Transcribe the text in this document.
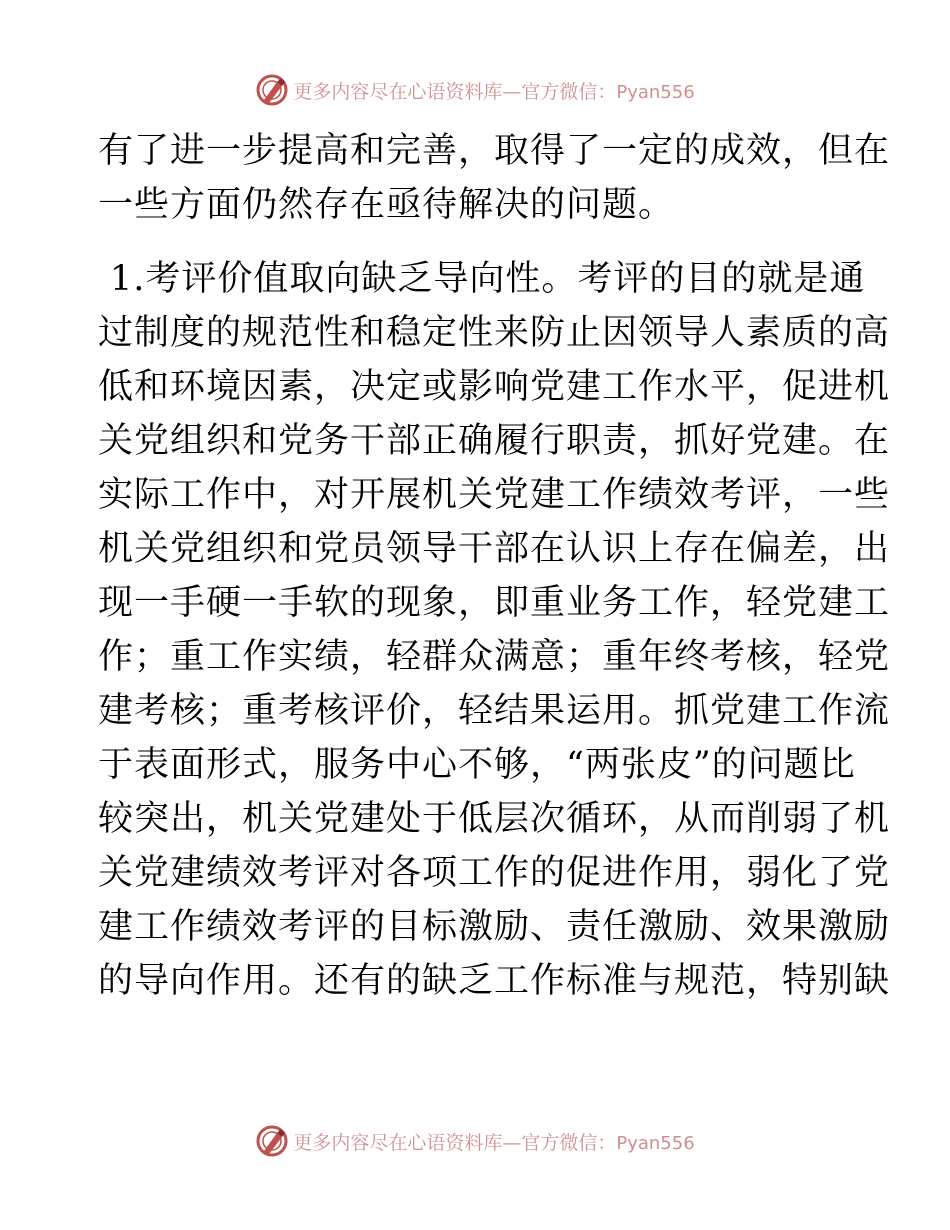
更多内容尽在心语资料库—官方微信：Pyan556
有了进一步提高和完善，取得了一定的成效，但在
一些方面仍然存在亟待解决的问题。
1.考评价值取向缺乏导向性。考评的目的就是通
过制度的规范性和稳定性来防止因领导人素质的高
低和环境因素，决定或影响党建工作水平，促进机
关党组织和党务干部正确履行职责，抓好党建。在
实际工作中，对开展机关党建工作绩效考评，一些
机关党组织和党员领导干部在认识上存在偏差，出
现一手硬一手软的现象，即重业务工作，轻党建工
作；重工作实绩，轻群众满意；重年终考核，轻党
建考核；重考核评价，轻结果运用。抓党建工作流
于表面形式，服务中心不够，“两张皮”的问题比
较突出，机关党建处于低层次循环，从而削弱了机
关党建绩效考评对各项工作的促进作用，弱化了党
建工作绩效考评的目标激励、责任激励、效果激励
的导向作用。还有的缺乏工作标准与规范，特别缺
更多内容尽在心语资料库—官方微信：Pyan556
